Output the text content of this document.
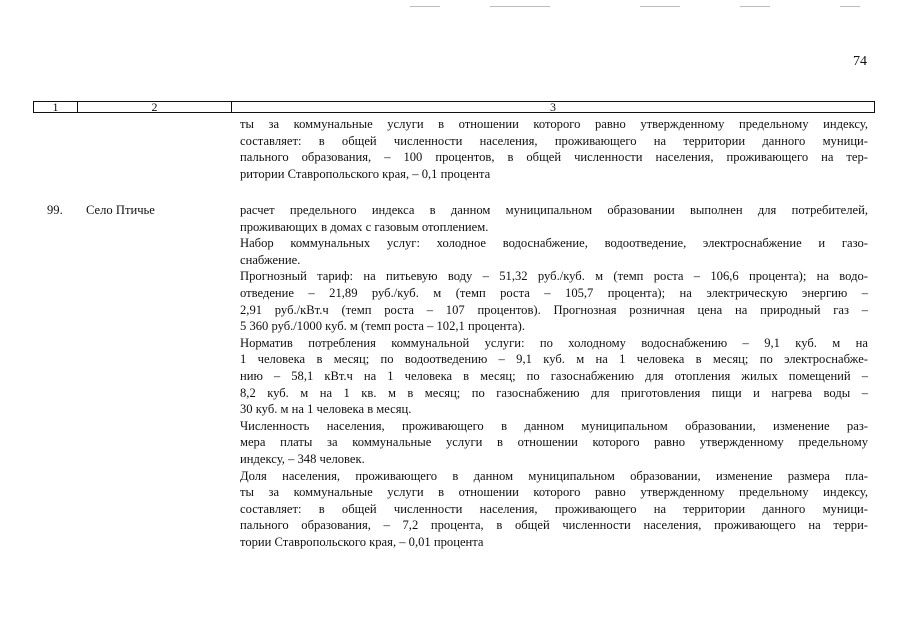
74
1	2	3
ты за коммунальные услуги в отношении которого равно утвержденному предельному индексу,
составляет: в общей численности населения, проживающего на территории данного муници-
пального образования, – 100 процентов, в общей численности населения, проживающего на тер-
ритории Ставропольского края, – 0,1 процента
99. Село Птичье	расчет предельного индекса в данном муниципальном образовании выполнен для потребителей,
проживающих в домах с газовым отоплением.
Набор коммунальных услуг: холодное водоснабжение, водоотведение, электроснабжение и газо-
снабжение.
Прогнозный тариф: на питьевую воду – 51,32 руб./куб. м (темп роста – 106,6 процента); на водо-
отведение – 21,89 руб./куб. м (темп роста – 105,7 процента); на электрическую энергию –
2,91 руб./кВт.ч (темп роста – 107 процентов). Прогнозная розничная цена на природный газ –
5 360 руб./1000 куб. м (темп роста – 102,1 процента).
Норматив потребления коммунальной услуги: по холодному водоснабжению – 9,1 куб. м на
1 человека в месяц; по водоотведению – 9,1 куб. м на 1 человека в месяц; по электроснабже-
нию – 58,1 кВт.ч на 1 человека в месяц; по газоснабжению для отопления жилых помещений –
8,2 куб. м на 1 кв. м в месяц; по газоснабжению для приготовления пищи и нагрева воды –
30 куб. м на 1 человека в месяц.
Численность населения, проживающего в данном муниципальном образовании, изменение раз-
мера платы за коммунальные услуги в отношении которого равно утвержденному предельному
индексу, – 348 человек.
Доля населения, проживающего в данном муниципальном образовании, изменение размера пла-
ты за коммунальные услуги в отношении которого равно утвержденному предельному индексу,
составляет: в общей численности населения, проживающего на территории данного муници-
пального образования, – 7,2 процента, в общей численности населения, проживающего на терри-
тории Ставропольского края, – 0,01 процента
